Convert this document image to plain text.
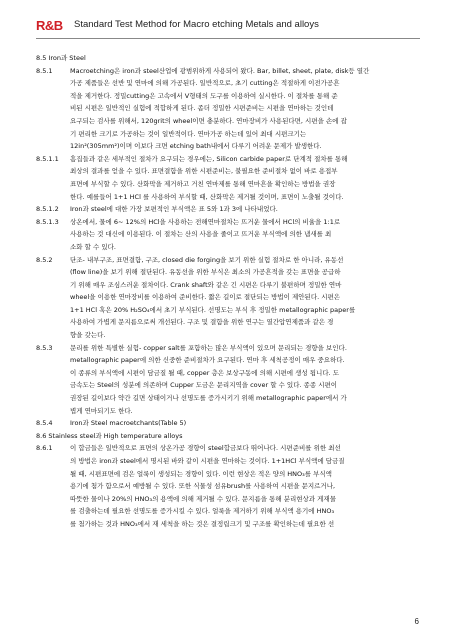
R&B Standard Test Method for Macro etching Metals and alloys
8.5 Iron 과 Steel
8.5.1	Macroetching은 iron과 steel산업에 광범위하게 사용되어 왔다. Bar, billet, sheet, plate, disk등 열간
가공 제품들은 선반 및 연마에 의해 가공된다. 일반적으로, 초기 cutting은 적절하게 이전가공흔
적을 제거한다. 정밀cutting은 고속에서 V형태의 도구를 이용하여 실시한다. 이 절차를 통해 준
비된 시편은 일반적인 실험에 적합하게 된다. 좀더 정밀한 시편준비는 시편을 연마하는 것인데
요구되는 검사를 위해서, 120grit의 wheel이면 충분하다. 연마장비가 사용된다면, 시편을 손에 잡
기 편리한 크기로 가공하는 것이 일반적이다. 연마가공 하는데 있어 최대 시편크기는
12in²(305mm²)이며 이보다 크면 etching bath내에서 다루기 어려운 문제가 발생한다.
8.5.1.1	흠집들과 같은 세부적인 절차가 요구되는 경우에는, Silicon carbide paper로 단계적 절차를 통해
최상의 결과를 얻을 수 있다. 표면결함을 위한 시편준비는, 불필요한 준비절차 없이 바로 용접부
표면에 부식할 수 있다. 산화막을 제거하고 거친 연마제를 통해 연마흔을 확인하는 방법을 권장
한다. 예를들어 1+1 HCl 를 사용하여 부식할 때, 산화막은 제거될 것이며, 표면이 노출될 것이다.
8.5.1.2	Iron과 steel에 대한 가장 보편적인 부식액은 표 5와 1과 3에 나타내었다.
8.5.1.3	상온에서, 물에 6~ 12%의 HCl을 사용하는 전해연마절차는 뜨거운 물에서 HCl의 비율을 1:1로
사용하는 것 대신에 이용된다. 이 절차는 산의 사용을 줄이고 뜨거운 부식액에 의한 냄새를 최
소화 할 수 있다.
8.5.2	단조- 내부구조, 표면결함, 구조, closed die forging을 보기 위한 실험 절차로 한 아니라, 유동선
(flow line)을 보기 위해 절단된다. 유동선을 위한 부식은 최소의 가공흔적을 갖는 표면을 공급하
기 위해 매우 조심스러운 절차이다. Crank shaft와 같은 긴 시편은 다루기 불편하며 정밀한 연마
wheel을 이용한 연마장비를 이용하여 준비한다. 짧은 길이로 절단되는 방법이 제안된다. 시편은
1+1 HCl 혹은 20% H₂SO₄에서 초기 부식된다. 선명도는 부식 후 정밀한 metallographic paper를
사용하여 가볍게 문지름으로써 개선된다. 구조 및 결함을 위한 연구는 열간압연제품과 같은 경
향을 갖는다.
8.5.3	문리를 위한 특별한 실험- copper salt를 포함하는 많은 부식액이 있으며 문리되는 경향을 보인다.
metallographic paper에 의한 신중한 준비절차가 요구된다. 연마 후 세척공정이 매우 중요하다.
이 종류의 부식액에 시편이 담금질 될 때, copper 층은 보상구동에 의해 시편에 생성 됩니다. 도
금속도는 Steel의 성분에 의존하며 Cupper 도금은 문리지역을 cover 할 수 있다. 종종 시편이
권장된 길이보다 약간 길면 상태이거나 선명도를 증가시키기 위해 metallographic paper에서 가
볍게 연마되기도 한다.
8.5.4	Iron과 Steel macroetchants(Table 5)
8.6 Stainless steel 과 High temperature alloys
8.6.1	이 합금들은 일반적으로 표면의 상온가공 경향이 steel합금보다 뛰어나다. 시편준비를 위한 최선
의 방법은 iron과 steel에서 명시된 바와 같이 시편을 연마하는 것이다. 1+1HCl 부식액에 담금질
될 때, 시편표면에 검은 얼룩이 생성되는 경향이 있다. 이런 현상은 적은 양의 HNO₃를 부식액
용기에 첨가 함으로서 예방될 수 있다. 또한 식물성 섬유brush를 사용하여 시편을 문지르거나,
따뜻한 물이나 20%의 HNO₃의 용액에 의해 제거될 수 있다. 문지름을 통해 분리현상과 게재물
를 검출하는데 필요한 선명도를 증가시킬 수 있다. 얼룩을 제거하기 위해 부식액 용기에 HNO₃
를 첨가하는 것과 HNO₃에서 재 세척을 하는 것은 결정립크기 및 구조를 확인하는데 필요한 선
6
